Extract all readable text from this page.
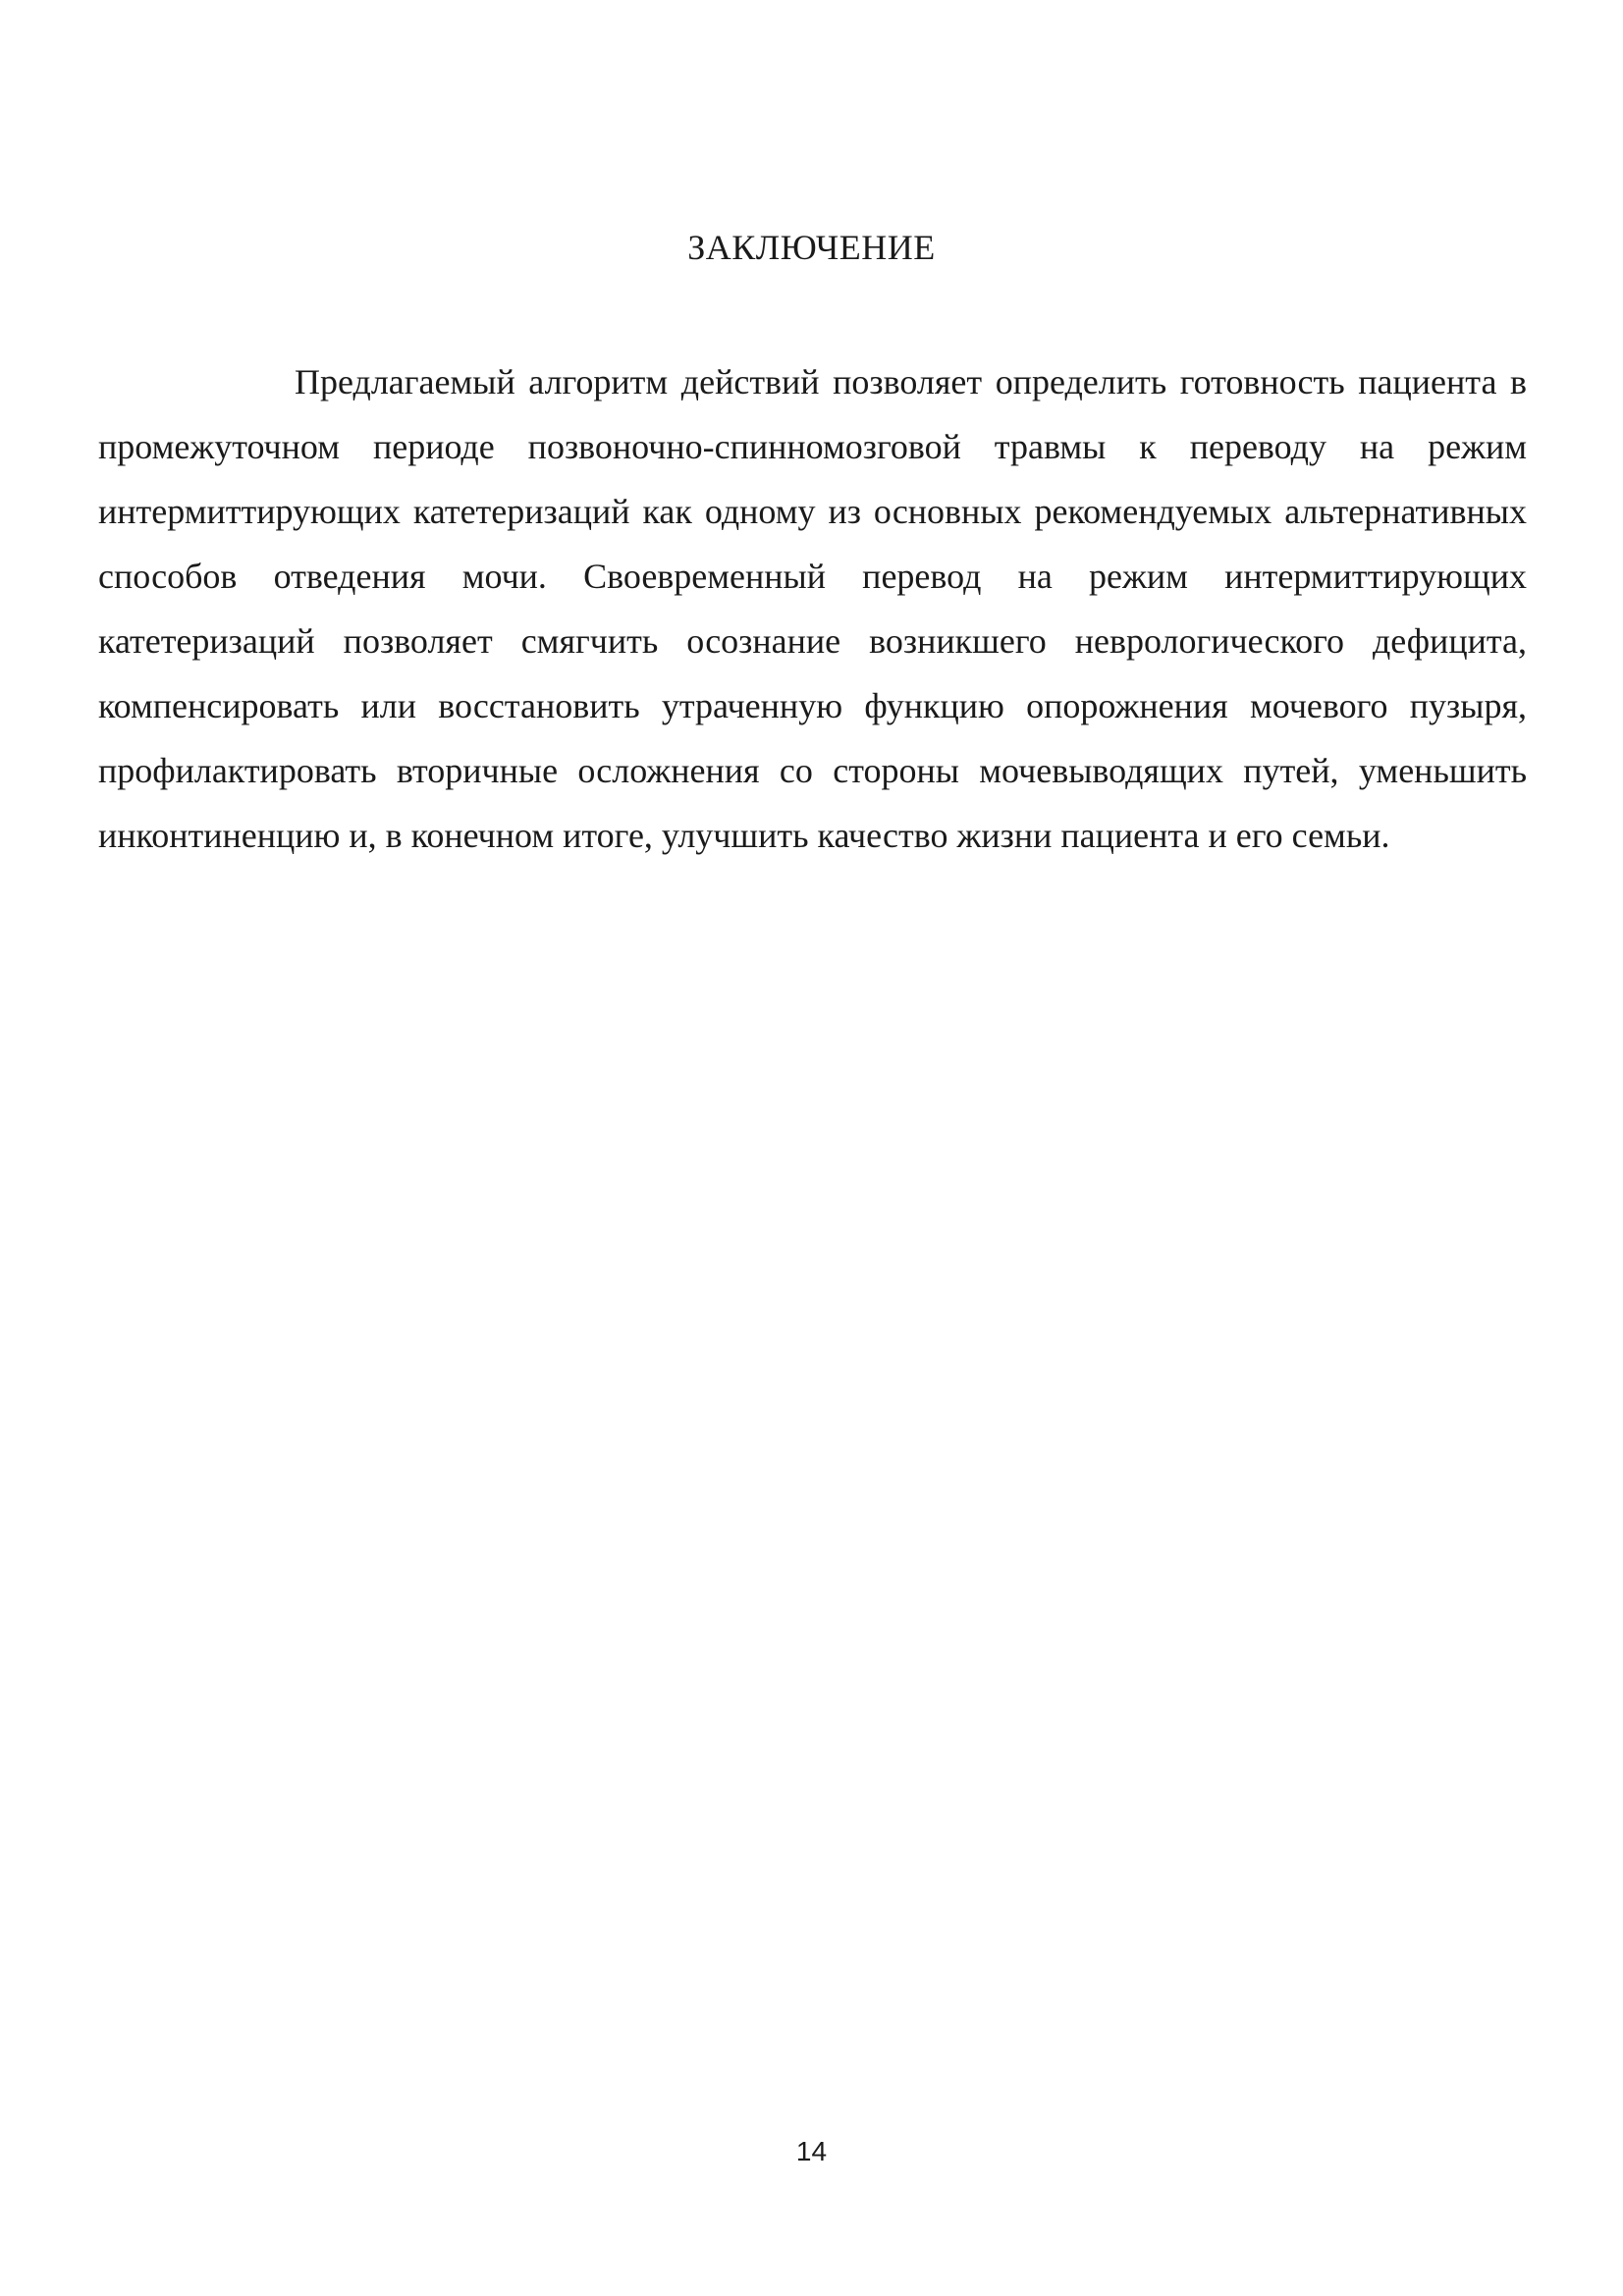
ЗАКЛЮЧЕНИЕ

Предлагаемый алгоритм действий позволяет определить готовность пациента в промежуточном периоде позвоночно-спинномозговой травмы к переводу на режим интермиттирующих катетеризаций как одному из основных рекомендуемых альтернативных способов отведения мочи. Своевременный перевод на режим интермиттирующих катетеризаций позволяет смягчить осознание возникшего неврологического дефицита, компенсировать или восстановить утраченную функцию опорожнения мочевого пузыря, профилактировать вторичные осложнения со стороны мочевыводящих путей, уменьшить инконтиненцию и, в конечном итоге, улучшить качество жизни пациента и его семьи.

14
